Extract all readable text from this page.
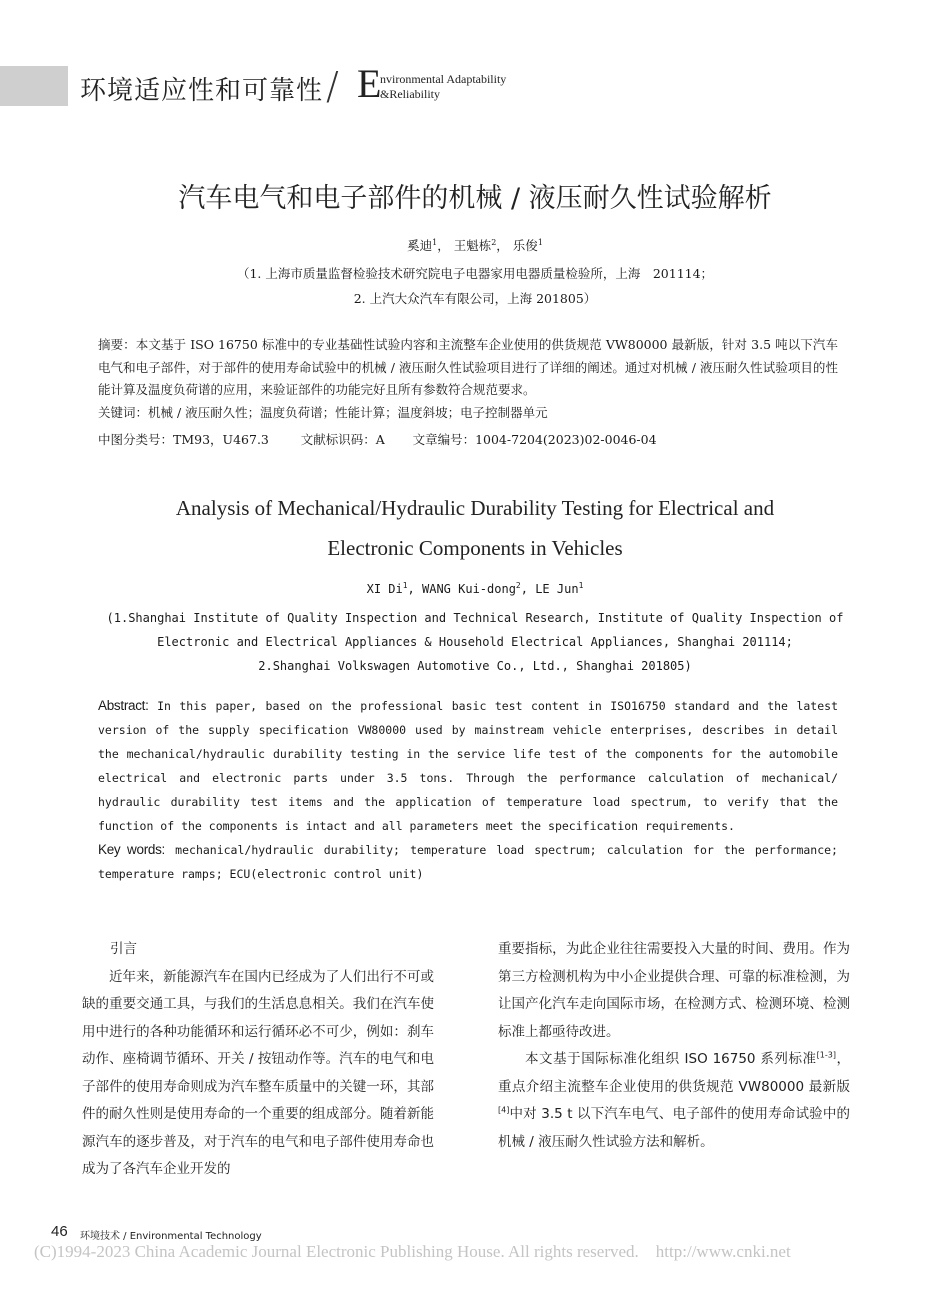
环境适应性和可靠性 / E
nvironmental Adaptability
&Reliability
汽车电气和电子部件的机械 / 液压耐久性试验解析
奚迪$^1$， 王魁栋$^2$， 乐俊$^1$
（1. 上海市质量监督检验技术研究院电子电器家用电器质量检验所，上海　201114；
2. 上汽大众汽车有限公司，上海 201805）
摘要：本文基于 ISO 16750 标准中的专业基础性试验内容和主流整车企业使用的供货规范 VW80000 最新版，针对 3.5 吨以下汽车电气和电子部件，对于部件的使用寿命试验中的机械 / 液压耐久性试验项目进行了详细的阐述。通过对机械 / 液压耐久性试验项目的性能计算及温度负荷谱的应用，来验证部件的功能完好且所有参数符合规范要求。
关键词：机械 / 液压耐久性；温度负荷谱；性能计算；温度斜坡；电子控制器单元
中图分类号：TM93，U467.3	文献标识码：A 文章编号：1004-7204(2023)02-0046-04
Analysis of Mechanical/Hydraulic Durability Testing for Electrical and
Electronic Components in Vehicles
XI Di$^1$, WANG Kui-dong$^2$, LE Jun$^1$
(1.Shanghai Institute of Quality Inspection and Technical Research, Institute of Quality Inspection of
Electronic and Electrical Appliances & Household Electrical Appliances, Shanghai 201114;
2.Shanghai Volkswagen Automotive Co., Ltd., Shanghai 201805)
Abstract: In this paper, based on the professional basic test content in ISO16750 standard and the latest version of the supply specification VW80000 used by mainstream vehicle enterprises, describes in detail the mechanical/hydraulic durability testing in the service life test of the components for the automobile electrical and electronic parts under 3.5 tons. Through the performance calculation of mechanical/ hydraulic durability test items and the application of temperature load spectrum, to verify that the function of the components is intact and all parameters meet the specification requirements.
Key words: mechanical/hydraulic durability; temperature load spectrum; calculation for the performance; temperature ramps; ECU(electronic control unit)
引言
近年来，新能源汽车在国内已经成为了人们出行不可或缺的重要交通工具，与我们的生活息息相关。我们在汽车使用中进行的各种功能循环和运行循环必不可少，例如：刹车动作、座椅调节循环、开关 / 按钮动作等。汽车的电气和电子部件的使用寿命则成为汽车整车质量中的关键一环，其部件的耐久性则是使用寿命的一个重要的组成部分。随着新能源汽车的逐步普及，对于汽车的电气和电子部件使用寿命也成为了各汽车企业开发的
重要指标，为此企业往往需要投入大量的时间、费用。作为第三方检测机构为中小企业提供合理、可靠的标准检测，为让国产化汽车走向国际市场，在检测方式、检测环境、检测标准上都亟待改进。
本文基于国际标准化组织 ISO 16750 系列标准[1-3]，重点介绍主流整车企业使用的供货规范 VW80000 最新版[4]中对 3.5 t 以下汽车电气、电子部件的使用寿命试验中的机械 / 液压耐久性试验方法和解析。
46 环境技术 / Environmental Technology
(C)1994-2023 China Academic Journal Electronic Publishing House. All rights reserved.    http://www.cnki.net
